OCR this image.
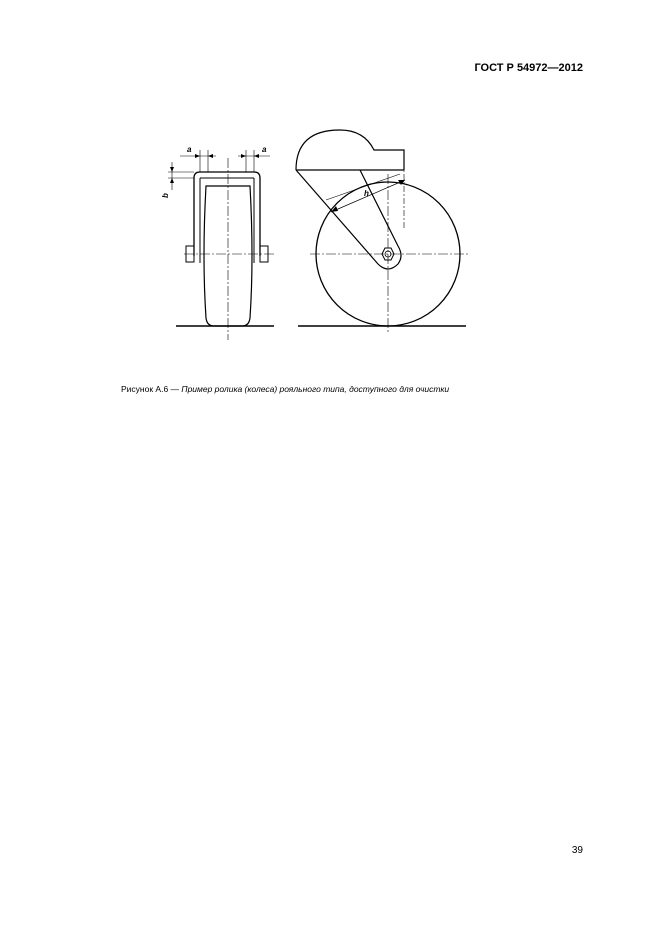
ГОСТ Р 54972—2012
a	a
b	h
Рисунок А.6 — Пример ролика (колеса) рояльного типа, доступного для очистки
39
